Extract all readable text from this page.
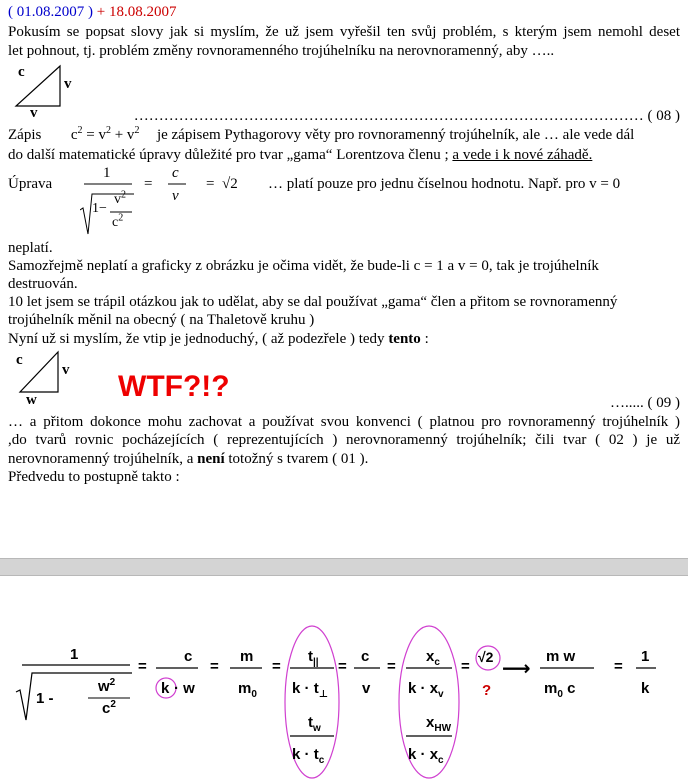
( 01.08.2007 ) + 18.08.2007
Pokusím se popsat slovy jak si myslím, že už jsem vyřešil ten svůj problém, s kterým jsem nemohl deset
let pohnout, tj. problém změny rovnoramenného trojúhelníku na nerovnoramenný, aby …..
c
v
v	………………………………………………………………………………………… ( 08 )
Zápis $c^2 = v^2 + v^2$ je zápisem Pythagorovy věty pro rovnoramenný trojúhelník, ale … ale vede dál
do další matematické úpravy důležité pro tvar „gama“ Lorentzova členu ; a vede i k nové záhadě.
Úprava
1
1−
$v^2$
$c^2$
=
c
v
= √2 … platí pouze pro jednu číselnou hodnotu. Např. pro v = 0
neplatí.
Samozřejmě neplatí a graficky z obrázku je očima vidět, že bude-li c = 1 a v = 0, tak je trojúhelník
destruován.
10 let jsem se trápil otázkou jak to udělat, aby se dal používat „gama“ člen a přitom se rovnoramenný
trojúhelník měnil na obecný ( na Thaletově kruhu )
Nyní už si myslím, že vtip je jednoduchý, ( až podezřele ) tedy tento :
c
v
w	WTF?!?	…..... ( 09 )
… a přitom dokonce mohu zachovat a používat svou konvenci ( platnou pro rovnoramenný trojúhelník )
,do tvarů rovnic pocházejících ( reprezentujících ) nerovnoramenný trojúhelník; čili tvar ( 02 ) je už
nerovnoramenný trojúhelník, a není totožný s tvarem ( 01 ).
Předvedu to postupně takto :
1
1 -
$w^2$
$c^2$
=
c
k · w
=
m
$m_0$
=
$t_{||}$
$k \cdot t_\perp$
$t_w$
$k \cdot t_c$
=
c
v
=
$x_c$
$k \cdot x_v$
$x_{HW}$
$k \cdot x_c$
=
√2
?
⟶
m w
$m_0$ c
=
1
k
